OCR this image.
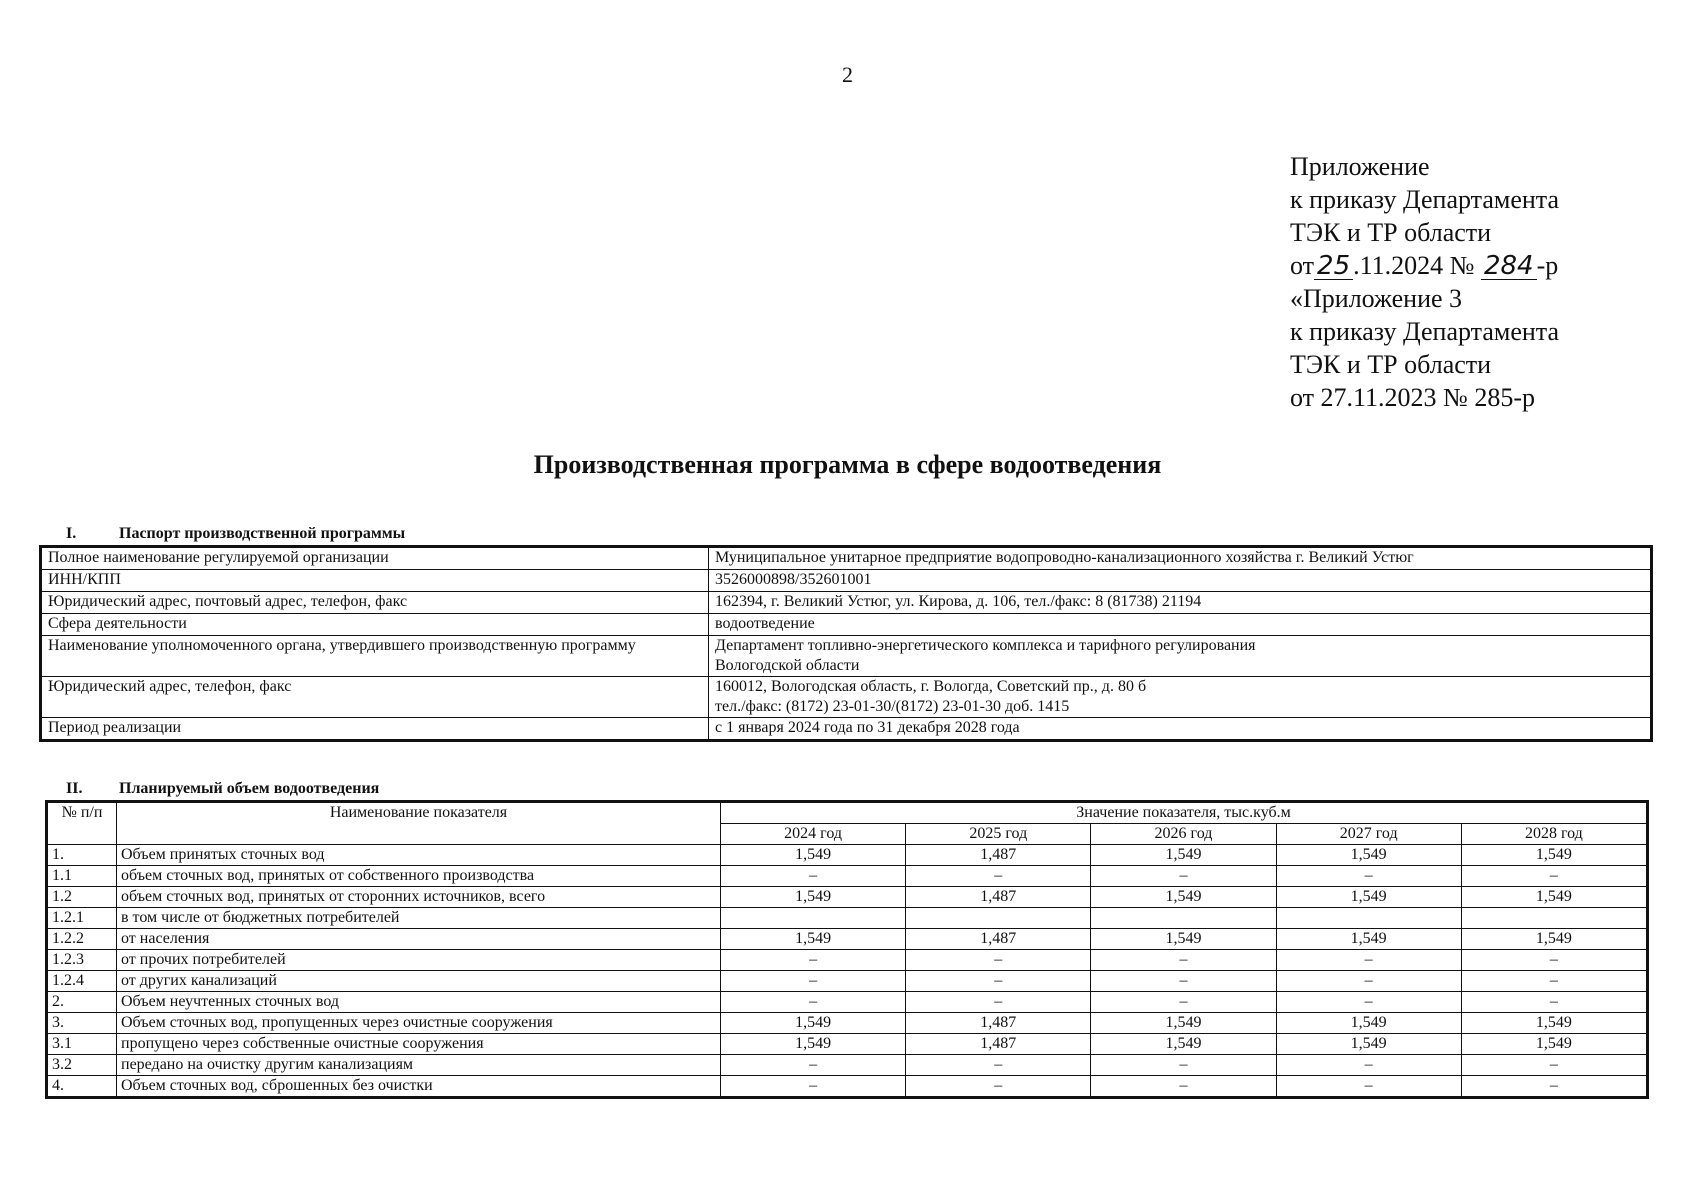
2
Приложение
к приказу Департамента
ТЭК и ТР области
от 25 .11.2024 № 284 -р
«Приложение 3
к приказу Департамента
ТЭК и ТР области
от 27.11.2023 № 285-р
Производственная программа в сфере водоотведения
I.	Паспорт производственной программы
Полное наименование регулируемой организации	Муниципальное унитарное предприятие водопроводно-канализационного хозяйства г. Великий Устюг

ИНН/КПП	3526000898/352601001

Юридический адрес, почтовый адрес, телефон, факс	162394, г. Великий Устюг, ул. Кирова, д. 106, тел./факс: 8 (81738) 21194

Сфера деятельности	водоотведение

Наименование уполномоченного органа, утвердившего производственную программу	Департамент топливно-энергетического комплекса и тарифного регулирования
Вологодской области

Юридический адрес, телефон, факс	160012, Вологодская область, г. Вологда, Советский пр., д. 80 б
тел./факс: (8172) 23-01-30/(8172) 23-01-30 доб. 1415

Период реализации	с 1 января 2024 года по 31 декабря 2028 года
II. Планируемый объем водоотведения
№ п/п	Наименование показателя	Значение показателя, тыс.куб.м				
		2024 год	2025 год	2026 год	2027 год	2028 год
1.	Объем принятых сточных вод	1,549	1,487	1,549	1,549	1,549
1.1	объем сточных вод, принятых от собственного производства	–	–	–	–	–
1.2	объем сточных вод, принятых от сторонних источников, всего	1,549	1,487	1,549	1,549	1,549
1.2.1	в том числе от бюджетных потребителей					
1.2.2	от населения	1,549	1,487	1,549	1,549	1,549
1.2.3	от прочих потребителей	–	–	–	–	–
1.2.4	от других канализаций	–	–	–	–	–
2.	Объем неучтенных сточных вод	–	–	–	–	–
3.	Объем сточных вод, пропущенных через очистные сооружения	1,549	1,487	1,549	1,549	1,549
3.1	пропущено через собственные очистные сооружения	1,549	1,487	1,549	1,549	1,549
3.2	передано на очистку другим канализациям	–	–	–	–	–
4.	Объем сточных вод, сброшенных без очистки	–	–	–	–	–
